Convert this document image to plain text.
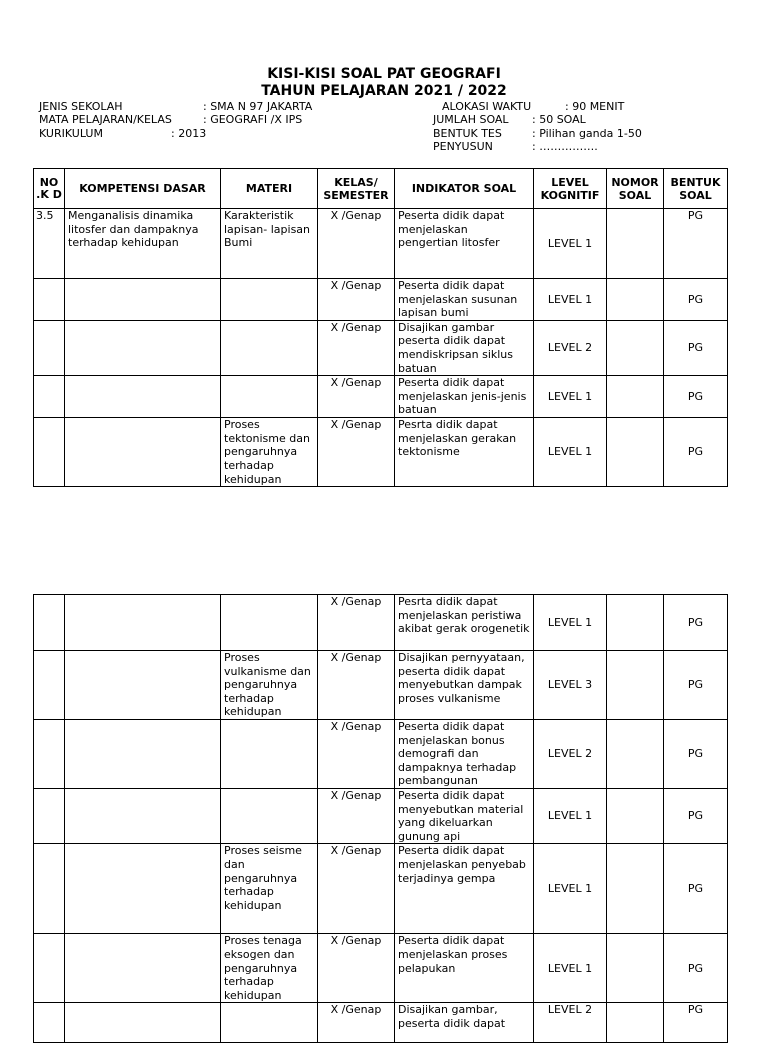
KISI-KISI SOAL PAT GEOGRAFI
TAHUN PELAJARAN 2021 / 2022
JENIS SEKOLAH	: SMA N 97 JAKARTA
MATA PELAJARAN/KELAS	: GEOGRAFI /X IPS
KURIKULUM	: 2013
ALOKASI WAKTU	: 90 MENIT
JUMLAH SOAL : 50 SOAL
BENTUK TES	: Pilihan ganda 1-50
PENYUSUN	: …………….
NO .K D	KOMPETENSI DASAR	MATERI	KELAS/ SEMESTER	INDIKATOR SOAL	LEVEL KOGNITIF	NOMOR SOAL	BENTUK SOAL
3.5	Menganalisis dinamika litosfer dan dampaknya terhadap kehidupan	Karakteristik lapisan- lapisan Bumi	X /Genap	Peserta didik dapat menjelaskan pengertian litosfer	LEVEL 1		PG
			X /Genap	Peserta didik dapat menjelaskan susunan lapisan bumi	LEVEL 1		PG
			X /Genap	Disajikan gambar peserta didik dapat mendiskripsan siklus batuan	LEVEL 2		PG
			X /Genap	Peserta didik dapat menjelaskan jenis-jenis batuan	LEVEL 1		PG
		Proses tektonisme dan pengaruhnya terhadap kehidupan	X /Genap	Pesrta didik dapat menjelaskan gerakan tektonisme	LEVEL 1		PG
			X /Genap	Pesrta didik dapat menjelaskan peristiwa akibat gerak orogenetik	LEVEL 1		PG
		Proses vulkanisme dan pengaruhnya terhadap kehidupan	X /Genap	Disajikan pernyyataan, peserta didik dapat menyebutkan dampak proses vulkanisme	LEVEL 3		PG
			X /Genap	Peserta didik dapat menjelaskan bonus demografi dan dampaknya terhadap pembangunan	LEVEL 2		PG
			X /Genap	Peserta didik dapat menyebutkan material yang dikeluarkan gunung api	LEVEL 1		PG
		Proses seisme dan pengaruhnya terhadap kehidupan	X /Genap	Peserta didik dapat menjelaskan penyebab terjadinya gempa	LEVEL 1		PG
		Proses tenaga eksogen dan pengaruhnya terhadap kehidupan	X /Genap	Peserta didik dapat menjelaskan proses pelapukan	LEVEL 1		PG
			X /Genap	Disajikan gambar, peserta didik dapat	LEVEL 2		PG
